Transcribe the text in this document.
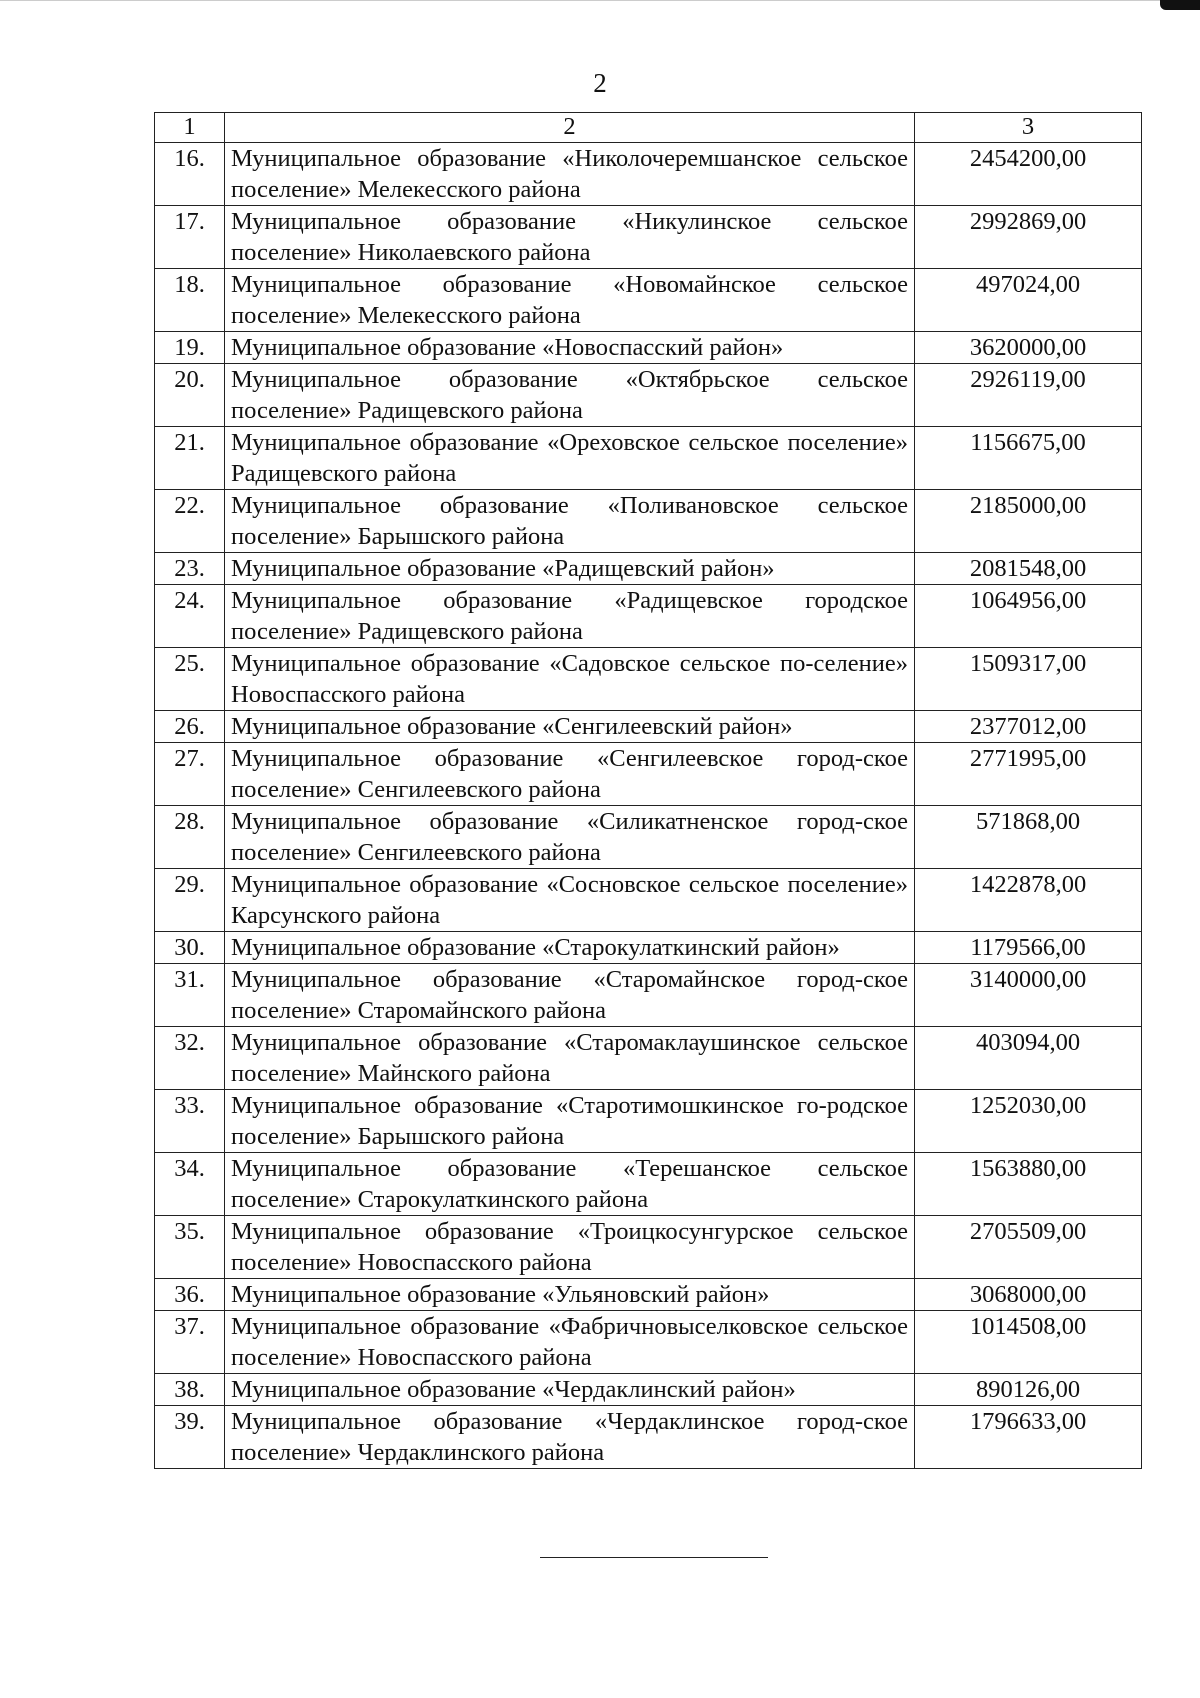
2
1	2	3
16.	Муниципальное образование «Николочеремшанское сельское поселение» Мелекесского района	2454200,00
17.	Муниципальное образование «Никулинское сельское поселение» Николаевского района	2992869,00
18.	Муниципальное образование «Новомайнское сельское поселение» Мелекесского района	497024,00
19.	Муниципальное образование «Новоспасский район»	3620000,00
20.	Муниципальное образование «Октябрьское сельское поселение» Радищевского района	2926119,00
21.	Муниципальное образование «Ореховское сельское поселение» Радищевского района	1156675,00
22.	Муниципальное образование «Поливановское сельское поселение» Барышского района	2185000,00
23.	Муниципальное образование «Радищевский район»	2081548,00
24.	Муниципальное образование «Радищевское городское поселение» Радищевского района	1064956,00
25.	Муниципальное образование «Садовское сельское по-селение» Новоспасского района	1509317,00
26.	Муниципальное образование «Сенгилеевский район»	2377012,00
27.	Муниципальное образование «Сенгилеевское город-ское поселение» Сенгилеевского района	2771995,00
28.	Муниципальное образование «Силикатненское город-ское поселение» Сенгилеевского района	571868,00
29.	Муниципальное образование «Сосновское сельское поселение» Карсунского района	1422878,00
30.	Муниципальное образование «Старокулаткинский район»	1179566,00
31.	Муниципальное образование «Старомайнское город-ское поселение» Старомайнского района	3140000,00
32.	Муниципальное образование «Старомаклаушинское сельское поселение» Майнского района	403094,00
33.	Муниципальное образование «Старотимошкинское го-родское поселение» Барышского района	1252030,00
34.	Муниципальное образование «Терешанское сельское поселение» Старокулаткинского района	1563880,00
35.	Муниципальное образование «Троицкосунгурское сельское поселение» Новоспасского района	2705509,00
36.	Муниципальное образование «Ульяновский район»	3068000,00
37.	Муниципальное образование «Фабричновыселковское сельское поселение» Новоспасского района	1014508,00
38.	Муниципальное образование «Чердаклинский район»	890126,00
39.	Муниципальное образование «Чердаклинское город-ское поселение» Чердаклинского района	1796633,00
